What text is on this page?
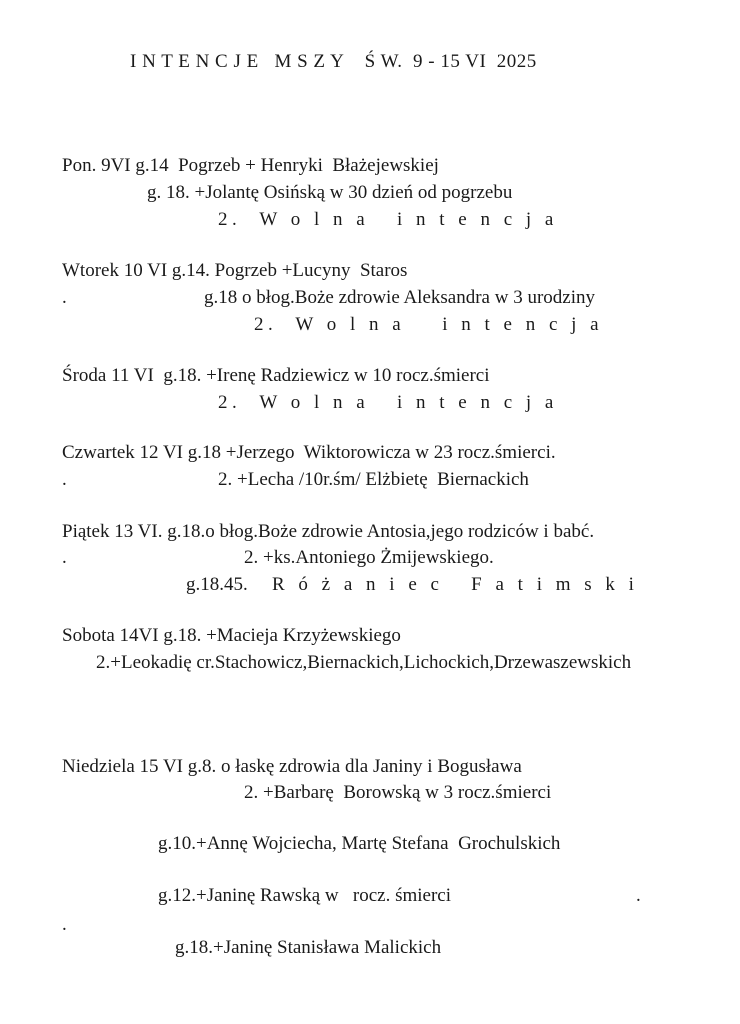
I N T E N C J E   M S Z Y    Ś W.  9 - 15 VI  2025
Pon. 9VI g.14  Pogrzeb + Henryki  Błażejewskiej
g. 18. +Jolantę Osińską w 30 dzień od pogrzebu
2.  W o l n a   i n t e n c j a
Wtorek 10 VI g.14. Pogrzeb +Lucyny  Staros
.	g.18 o błog.Boże zdrowie Aleksandra w 3 urodziny
2.  W o l n a    i n t e n c j a
Środa 11 VI  g.18. +Irenę Radziewicz w 10 rocz.śmierci
2.  W o l n a   i n t e n c j a
Czwartek 12 VI g.18 +Jerzego  Wiktorowicza w 23 rocz.śmierci.
.	2. +Lecha /10r.śm/ Elżbietę  Biernackich
Piątek 13 VI. g.18.o błog.Boże zdrowie Antosia,jego rodziców i babć.
.	2. +ks.Antoniego Żmijewskiego.
g.18.45. R ó ż a n i e c   F a t i m s k i
Sobota 14VI g.18. +Macieja Krzyżewskiego
2.+Leokadię cr.Stachowicz,Biernackich,Lichockich,Drzewaszewskich
Niedziela 15 VI g.8. o łaskę zdrowia dla Janiny i Bogusława
2. +Barbarę  Borowską w 3 rocz.śmierci
g.10.+Annę Wojciecha, Martę Stefana  Grochulskich
g.12.+Janinę Rawską w   rocz. śmierci	.
.
g.18.+Janinę Stanisława Malickich
